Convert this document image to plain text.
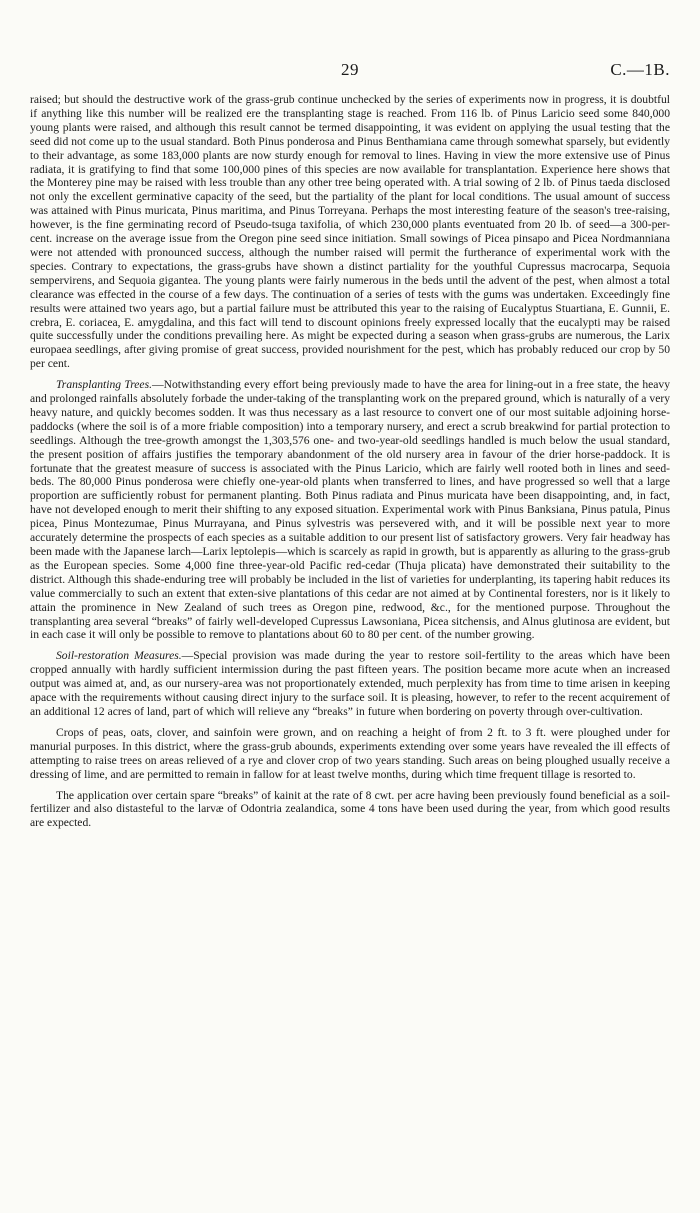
29	C.—1B.

raised; but should the destructive work of the grass-grub continue unchecked by the series of experiments now in progress, it is doubtful if anything like this number will be realized ere the transplanting stage is reached. From 116 lb. of Pinus Laricio seed some 840,000 young plants were raised, and although this result cannot be termed disappointing, it was evident on applying the usual testing that the seed did not come up to the usual standard. Both Pinus ponderosa and Pinus Benthamiana came through somewhat sparsely, but evidently to their advantage, as some 183,000 plants are now sturdy enough for removal to lines. Having in view the more extensive use of Pinus radiata, it is gratifying to find that some 100,000 pines of this species are now available for transplantation. Experience here shows that the Monterey pine may be raised with less trouble than any other tree being operated with. A trial sowing of 2 lb. of Pinus taeda disclosed not only the excellent germinative capacity of the seed, but the partiality of the plant for local conditions. The usual amount of success was attained with Pinus muricata, Pinus maritima, and Pinus Torreyana. Perhaps the most interesting feature of the season's tree-raising, however, is the fine germinating record of Pseudo-tsuga taxifolia, of which 230,000 plants eventuated from 20 lb. of seed—a 300-per-cent. increase on the average issue from the Oregon pine seed since initiation. Small sowings of Picea pinsapo and Picea Nordmanniana were not attended with pronounced success, although the number raised will permit the furtherance of experimental work with the species. Contrary to expectations, the grass-grubs have shown a distinct partiality for the youthful Cupressus macrocarpa, Sequoia sempervirens, and Sequoia gigantea. The young plants were fairly numerous in the beds until the advent of the pest, when almost a total clearance was effected in the course of a few days. The continuation of a series of tests with the gums was undertaken. Exceedingly fine results were attained two years ago, but a partial failure must be attributed this year to the raising of Eucalyptus Stuartiana, E. Gunnii, E. crebra, E. coriacea, E. amygdalina, and this fact will tend to discount opinions freely expressed locally that the eucalypti may be raised quite successfully under the conditions prevailing here. As might be expected during a season when grass-grubs are numerous, the Larix europaea seedlings, after giving promise of great success, provided nourishment for the pest, which has probably reduced our crop by 50 per cent.

Transplanting Trees.—Notwithstanding every effort being previously made to have the area for lining-out in a free state, the heavy and prolonged rainfalls absolutely forbade the under-taking of the transplanting work on the prepared ground, which is naturally of a very heavy nature, and quickly becomes sodden. It was thus necessary as a last resource to convert one of our most suitable adjoining horse-paddocks (where the soil is of a more friable composition) into a temporary nursery, and erect a scrub breakwind for partial protection to seedlings. Although the tree-growth amongst the 1,303,576 one- and two-year-old seedlings handled is much below the usual standard, the present position of affairs justifies the temporary abandonment of the old nursery area in favour of the drier horse-paddock. It is fortunate that the greatest measure of success is associated with the Pinus Laricio, which are fairly well rooted both in lines and seed-beds. The 80,000 Pinus ponderosa were chiefly one-year-old plants when transferred to lines, and have progressed so well that a large proportion are sufficiently robust for permanent planting. Both Pinus radiata and Pinus muricata have been disappointing, and, in fact, have not developed enough to merit their shifting to any exposed situation. Experimental work with Pinus Banksiana, Pinus patula, Pinus picea, Pinus Montezumae, Pinus Murrayana, and Pinus sylvestris was persevered with, and it will be possible next year to more accurately determine the prospects of each species as a suitable addition to our present list of satisfactory growers. Very fair headway has been made with the Japanese larch—Larix leptolepis—which is scarcely as rapid in growth, but is apparently as alluring to the grass-grub as the European species. Some 4,000 fine three-year-old Pacific red-cedar (Thuja plicata) have demonstrated their suitability to the district. Although this shade-enduring tree will probably be included in the list of varieties for underplanting, its tapering habit reduces its value commercially to such an extent that exten-sive plantations of this cedar are not aimed at by Continental foresters, nor is it likely to attain the prominence in New Zealand of such trees as Oregon pine, redwood, &c., for the mentioned purpose. Throughout the transplanting area several “breaks” of fairly well-developed Cupressus Lawsoniana, Picea sitchensis, and Alnus glutinosa are evident, but in each case it will only be possible to remove to plantations about 60 to 80 per cent. of the number growing.

Soil-restoration Measures.—Special provision was made during the year to restore soil-fertility to the areas which have been cropped annually with hardly sufficient intermission during the past fifteen years. The position became more acute when an increased output was aimed at, and, as our nursery-area was not proportionately extended, much perplexity has from time to time arisen in keeping apace with the requirements without causing direct injury to the surface soil. It is pleasing, however, to refer to the recent acquirement of an additional 12 acres of land, part of which will relieve any “breaks” in future when bordering on poverty through over-cultivation.

Crops of peas, oats, clover, and sainfoin were grown, and on reaching a height of from 2 ft. to 3 ft. were ploughed under for manurial purposes. In this district, where the grass-grub abounds, experiments extending over some years have revealed the ill effects of attempting to raise trees on areas relieved of a rye and clover crop of two years standing. Such areas on being ploughed usually receive a dressing of lime, and are permitted to remain in fallow for at least twelve months, during which time frequent tillage is resorted to.

The application over certain spare “breaks” of kainit at the rate of 8 cwt. per acre having been previously found beneficial as a soil-fertilizer and also distasteful to the larvæ of Odontria zealandica, some 4 tons have been used during the year, from which good results are expected.
